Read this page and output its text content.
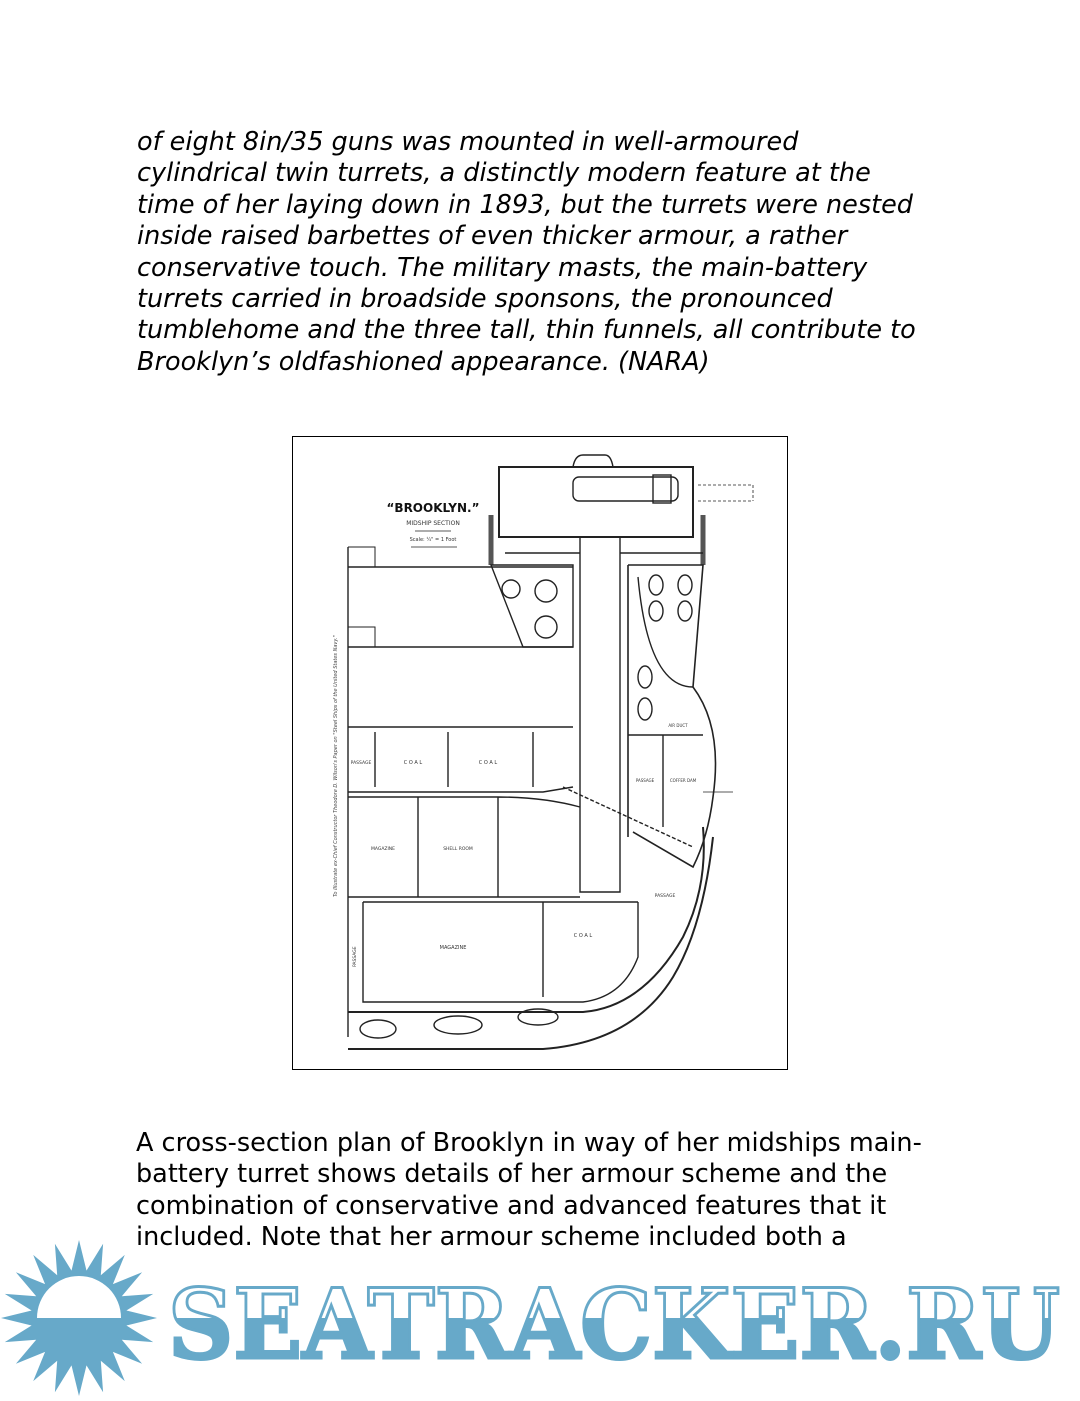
of eight 8in/35 guns was mounted in well-armoured
cylindrical twin turrets, a distinctly modern feature at the
time of her laying down in 1893, but the turrets were nested
inside raised barbettes of even thicker armour, a rather
conservative touch. The military masts, the main-battery
turrets carried in broadside sponsons, the pronounced
tumblehome and the three tall, thin funnels, all contribute to
Brooklyn’s oldfashioned appearance. (NARA)
“BROOKLYN.”
MIDSHIP SECTION
Scale: ¼" = 1 Foot
To Illustrate ex-Chief Constructor Theodore D. Wilson's Paper on "Steel Ships of the United States Navy."	PASSAGE	C O A L	C O A L
MAGAZINE	SHELL ROOM
MAGAZINE
C O A L
PASSAGE
PASSAGE	COFFER DAM
AIR DUCT
PASSAGE
A cross-section plan of Brooklyn in way of her midships main-
battery turret shows details of her armour scheme and the
combination of conservative and advanced features that it
included. Note that her armour scheme included both a
SEATRACKER.RU
